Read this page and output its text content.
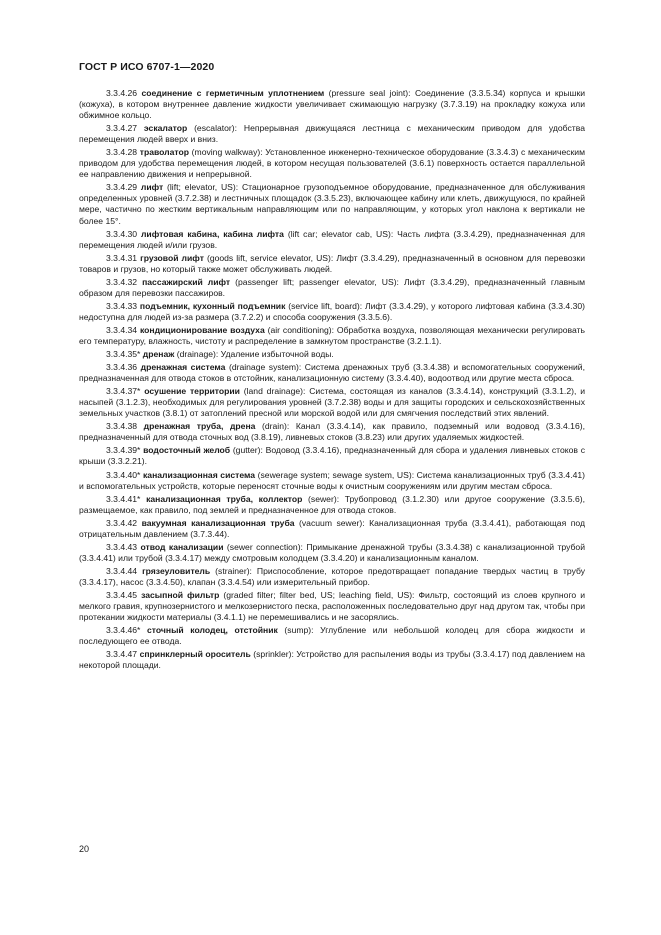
ГОСТ Р ИСО 6707-1—2020

3.3.4.26 соединение с герметичным уплотнением (pressure seal joint): Соединение (3.3.5.34) корпуса и крышки (кожуха), в котором внутреннее давление жидкости увеличивает сжимающую нагрузку (3.7.3.19) на прокладку кожуха или обжимное кольцо.

3.3.4.27 эскалатор (escalator): Непрерывная движущаяся лестница с механическим приводом для удобства перемещения людей вверх и вниз.

3.3.4.28 траволатор (moving walkway): Установленное инженерно-техническое оборудование (3.3.4.3) с механическим приводом для удобства перемещения людей, в котором несущая пользователей (3.6.1) поверхность остается параллельной ее направлению движения и непрерывной.

3.3.4.29 лифт (lift; elevator, US): Стационарное грузоподъемное оборудование, предназначенное для обслуживания определенных уровней (3.7.2.38) и лестничных площадок (3.3.5.23), включающее кабину или клеть, движущуюся, по крайней мере, частично по жестким вертикальным направляющим или по направляющим, у которых угол наклона к вертикали не более 15°.

3.3.4.30 лифтовая кабина, кабина лифта (lift car; elevator cab, US): Часть лифта (3.3.4.29), предназначенная для перемещения людей и/или грузов.

3.3.4.31 грузовой лифт (goods lift, service elevator, US): Лифт (3.3.4.29), предназначенный в основном для перевозки товаров и грузов, но который также может обслуживать людей.

3.3.4.32 пассажирский лифт (passenger lift; passenger elevator, US): Лифт (3.3.4.29), предназначенный главным образом для перевозки пассажиров.

3.3.4.33 подъемник, кухонный подъемник (service lift, board): Лифт (3.3.4.29), у которого лифтовая кабина (3.3.4.30) недоступна для людей из-за размера (3.7.2.2) и способа сооружения (3.3.5.6).

3.3.4.34 кондиционирование воздуха (air conditioning): Обработка воздуха, позволяющая механически регулировать его температуру, влажность, чистоту и распределение в замкнутом пространстве (3.2.1.1).

3.3.4.35* дренаж (drainage): Удаление избыточной воды.

3.3.4.36 дренажная система (drainage system): Система дренажных труб (3.3.4.38) и вспомогательных сооружений, предназначенная для отвода стоков в отстойник, канализационную систему (3.3.4.40), водоотвод или другие места сброса.

3.3.4.37* осушение территории (land drainage): Система, состоящая из каналов (3.3.4.14), конструкций (3.3.1.2), и насыпей (3.1.2.3), необходимых для регулирования уровней (3.7.2.38) воды и для защиты городских и сельскохозяйственных земельных участков (3.8.1) от затоплений пресной или морской водой или для смягчения последствий этих явлений.

3.3.4.38 дренажная труба, дрена (drain): Канал (3.3.4.14), как правило, подземный или водовод (3.3.4.16), предназначенный для отвода сточных вод (3.8.19), ливневых стоков (3.8.23) или других удаляемых жидкостей.

3.3.4.39* водосточный желоб (gutter): Водовод (3.3.4.16), предназначенный для сбора и удаления ливневых стоков с крыши (3.3.2.21).

3.3.4.40* канализационная система (sewerage system; sewage system, US): Система канализационных труб (3.3.4.41) и вспомогательных устройств, которые переносят сточные воды к очистным сооружениям или другим местам сброса.

3.3.4.41* канализационная труба, коллектор (sewer): Трубопровод (3.1.2.30) или другое сооружение (3.3.5.6), размещаемое, как правило, под землей и предназначенное для отвода стоков.

3.3.4.42 вакуумная канализационная труба (vacuum sewer): Канализационная труба (3.3.4.41), работающая под отрицательным давлением (3.7.3.44).

3.3.4.43 отвод канализации (sewer connection): Примыкание дренажной трубы (3.3.4.38) с канализационной трубой (3.3.4.41) или трубой (3.3.4.17) между смотровым колодцем (3.3.4.20) и канализационным каналом.

3.3.4.44 грязеуловитель (strainer): Приспособление, которое предотвращает попадание твердых частиц в трубу (3.3.4.17), насос (3.3.4.50), клапан (3.3.4.54) или измерительный прибор.

3.3.4.45 засыпной фильтр (graded filter; filter bed, US; leaching field, US): Фильтр, состоящий из слоев крупного и мелкого гравия, крупнозернистого и мелкозернистого песка, расположенных последовательно друг над другом так, чтобы при протекании жидкости материалы (3.4.1.1) не перемешивались и не засорялись.

3.3.4.46* сточный колодец, отстойник (sump): Углубление или небольшой колодец для сбора жидкости и последующего ее отвода.

3.3.4.47 спринклерный ороситель (sprinkler): Устройство для распыления воды из трубы (3.3.4.17) под давлением на некоторой площади.

20
